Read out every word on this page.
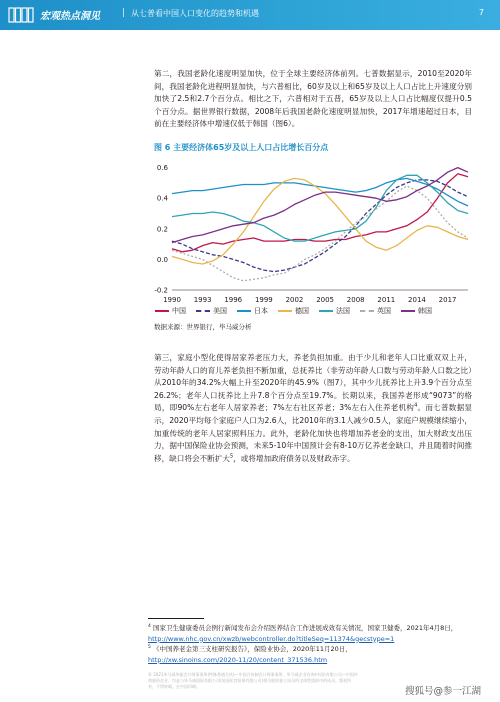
宏观热点洞见 | 从七普看中国人口变化的趋势和机遇	7

第二，我国老龄化速度明显加快，位于全球主要经济体前列。七普数据显示，2010至2020年间，我国老龄化进程明显加快，与六普相比，60岁及以上和65岁及以上人口占比上升速度分别加快了2.5和2.7个百分点。相比之下，六普相对于五普，65岁及以上人口占比幅度仅提升0.5个百分点。据世界银行数据，2008年后我国老龄化速度明显加快，2017年增速超过日本，目前在主要经济体中增速仅低于韩国（图6）。

图 6 主要经济体65岁及以上人口占比增长百分点
-0.2
0.0
0.2
0.4
0.6
1990 1993 1996 1999 2002 2005 2008 2011 2014 2017
中国	美国	日本	德国	法国	英国	韩国
数据来源：世界银行，毕马威分析

第三，家庭小型化使得居家养老压力大，养老负担加重。由于少儿和老年人口比重双双上升，劳动年龄人口的育儿养老负担不断加重，总抚养比（非劳动年龄人口数与劳动年龄人口数之比）从2010年的34.2%大幅上升至2020年的45.9%（图7），其中少儿抚养比上升3.9个百分点至26.2%；老年人口抚养比上升7.8个百分点至19.7%。长期以来，我国养老形成“9073”的格局，即90%左右老年人居家养老；7%左右社区养老；3%左右入住养老机构$^4$。而七普数据显示，2020平均每个家庭户人口为2.6人，比2010年的3.1人减少0.5人，家庭户规模继续缩小，加重传统的老年人居家照料压力。此外，老龄化加快也将增加养老金的支出，加大财政支出压力，据中国保险业协会预测，未来5-10年中国预计会有8-10万亿养老金缺口，并且随着时间推移，缺口将会不断扩大$^5$，或将增加政府债务以及财政赤字。

$^4$ 国家卫生健康委员会例行新闻发布会介绍医养结合工作进展成效有关情况，国家卫健委，2021年4月8日，
http://www.nhc.gov.cn/xwzb/webcontroller.do?titleSeq=11374&gecstype=1
$^5$ 《中国养老金第三支柱研究报告》，保险业协会，2020年11月20日，
http://xw.sinoins.com/2020-11/20/content_371536.htm
© 2021毕马威华振会计师事务所(特殊普通合伙)—中国合伙制会计师事务所、毕马威企业咨询(中国)有限公司—中国外商独资企业，均是与毕马威国际有限公司(英国私营担保有限公司)相关联的独立成员所全球性组织中的成员。版权所有，不得转载。在中国印刷。	搜狐号@参一江湖
